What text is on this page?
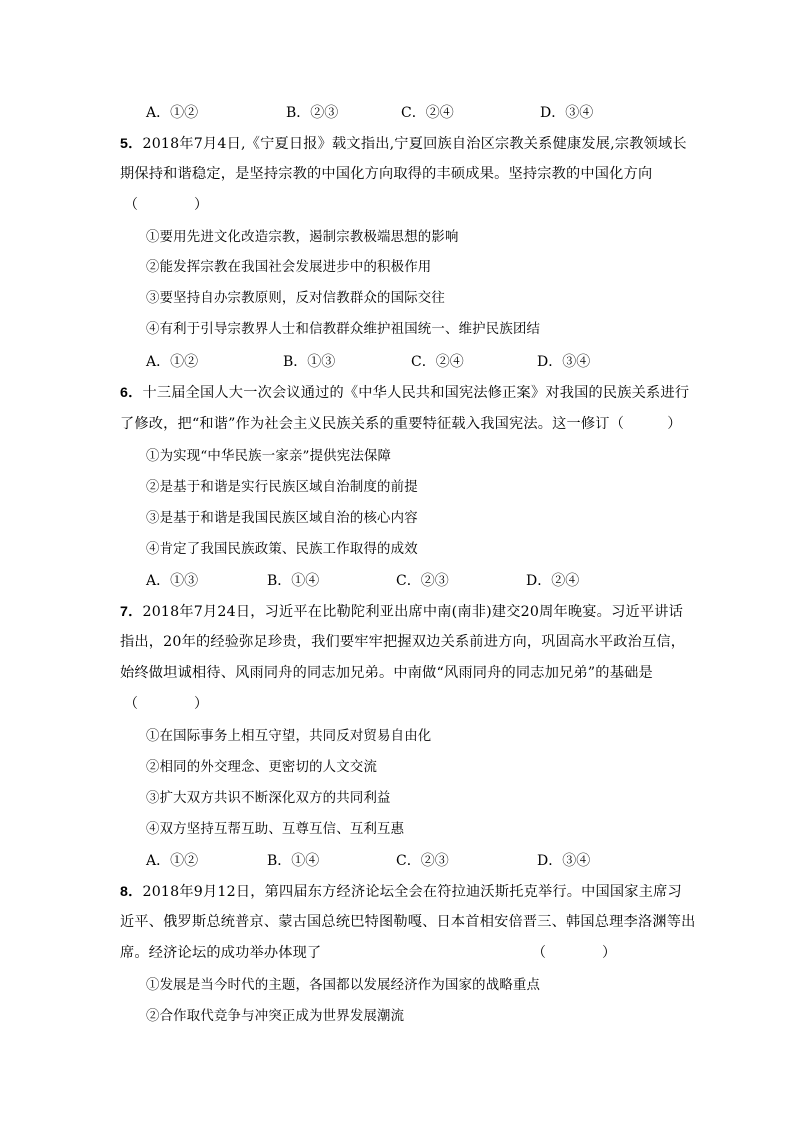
A．①②	B．②③	C．②④	D．③④
5．2018年7月4日,《宁夏日报》载文指出,宁夏回族自治区宗教关系健康发展,宗教领域长
期保持和谐稳定，是坚持宗教的中国化方向取得的丰硕成果。坚持宗教的中国化方向
（　　　　）
①要用先进文化改造宗教，遏制宗教极端思想的影响
②能发挥宗教在我国社会发展进步中的积极作用
③要坚持自办宗教原则，反对信教群众的国际交往
④有利于引导宗教界人士和信教群众维护祖国统一、维护民族团结
A．①②	B．①③	C．②④	D．③④
6．十三届全国人大一次会议通过的《中华人民共和国宪法修正案》对我国的民族关系进行
了修改，把“和谐”作为社会主义民族关系的重要特征载入我国宪法。这一修订（　　　）
①为实现“中华民族一家亲”提供宪法保障
②是基于和谐是实行民族区域自治制度的前提
③是基于和谐是我国民族区域自治的核心内容
④肯定了我国民族政策、民族工作取得的成效
A．①③	B．①④	C．②③	D．②④
7．2018年7月24日，习近平在比勒陀利亚出席中南(南非)建交20周年晚宴。习近平讲话
指出，20年的经验弥足珍贵，我们要牢牢把握双边关系前进方向，巩固高水平政治互信，
始终做坦诚相待、风雨同舟的同志加兄弟。中南做“风雨同舟的同志加兄弟”的基础是
（　　　　）
①在国际事务上相互守望，共同反对贸易自由化
②相同的外交理念、更密切的人文交流
③扩大双方共识不断深化双方的共同利益
④双方坚持互帮互助、互尊互信、互利互惠
A．①②	B．①④	C．②③	D．③④
8．2018年9月12日，第四届东方经济论坛全会在符拉迪沃斯托克举行。中国国家主席习
近平、俄罗斯总统普京、蒙古国总统巴特图勒嘎、日本首相安倍晋三、韩国总理李洛渊等出
席。经济论坛的成功举办体现了	（　　　　）
①发展是当今时代的主题，各国都以发展经济作为国家的战略重点
②合作取代竞争与冲突正成为世界发展潮流
